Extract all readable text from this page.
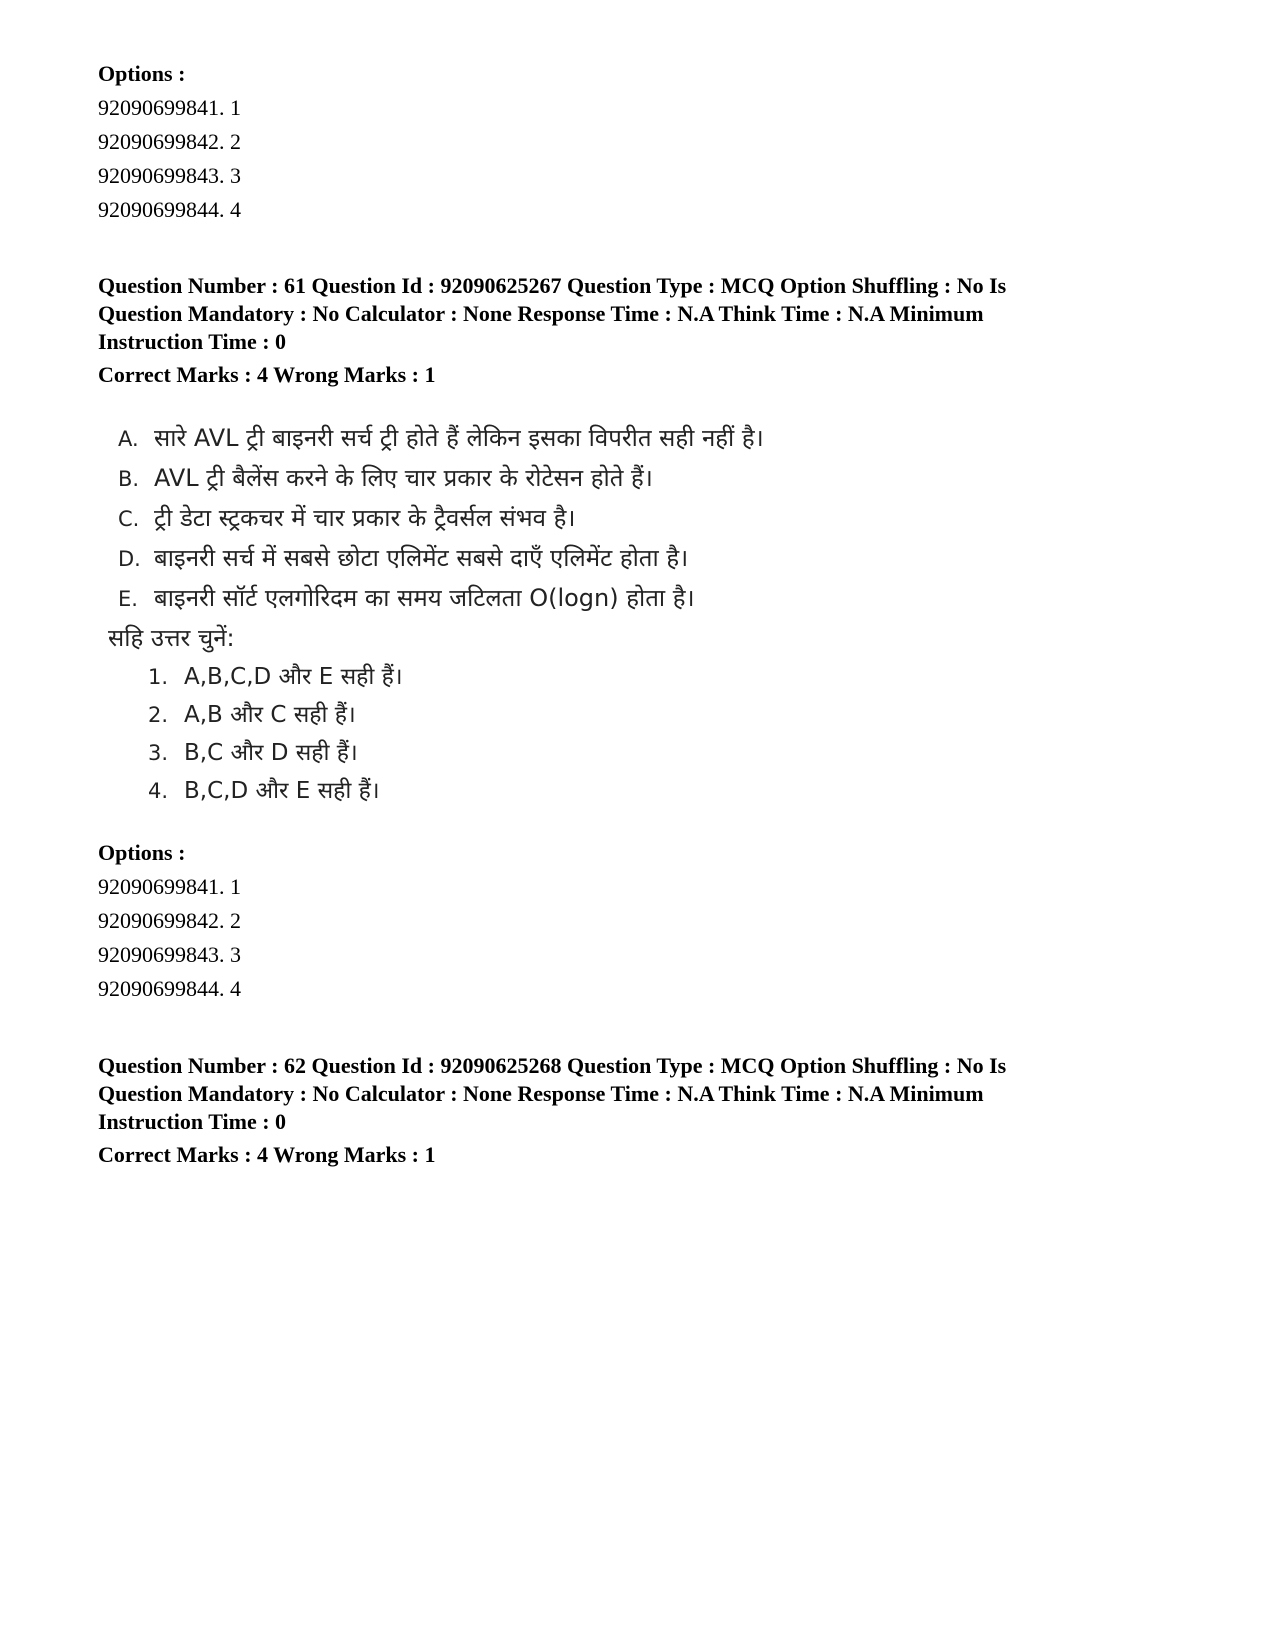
Options :
92090699841. 1
92090699842. 2
92090699843. 3
92090699844. 4
Question Number : 61 Question Id : 92090625267 Question Type : MCQ Option Shuffling : No Is
Question Mandatory : No Calculator : None Response Time : N.A Think Time : N.A Minimum
Instruction Time : 0
Correct Marks : 4 Wrong Marks : 1
A. सारे AVL ट्री बाइनरी सर्च ट्री होते हैं लेकिन इसका विपरीत सही नहीं है।
B. AVL ट्री बैलेंस करने के लिए चार प्रकार के रोटेसन होते हैं।
C. ट्री डेटा स्ट्रकचर में चार प्रकार के ट्रैवर्सल संभव है।
D. बाइनरी सर्च में सबसे छोटा एलिमेंट सबसे दाएँ एलिमेंट होता है।
E. बाइनरी सॉर्ट एलगोरिदम का समय जटिलता O(logn) होता है।
सहि उत्तर चुनें:
1. A,B,C,D और E सही हैं।
2. A,B और C सही हैं।
3. B,C और D सही हैं।
4. B,C,D और E सही हैं।
Options :
92090699841. 1
92090699842. 2
92090699843. 3
92090699844. 4
Question Number : 62 Question Id : 92090625268 Question Type : MCQ Option Shuffling : No Is
Question Mandatory : No Calculator : None Response Time : N.A Think Time : N.A Minimum
Instruction Time : 0
Correct Marks : 4 Wrong Marks : 1
